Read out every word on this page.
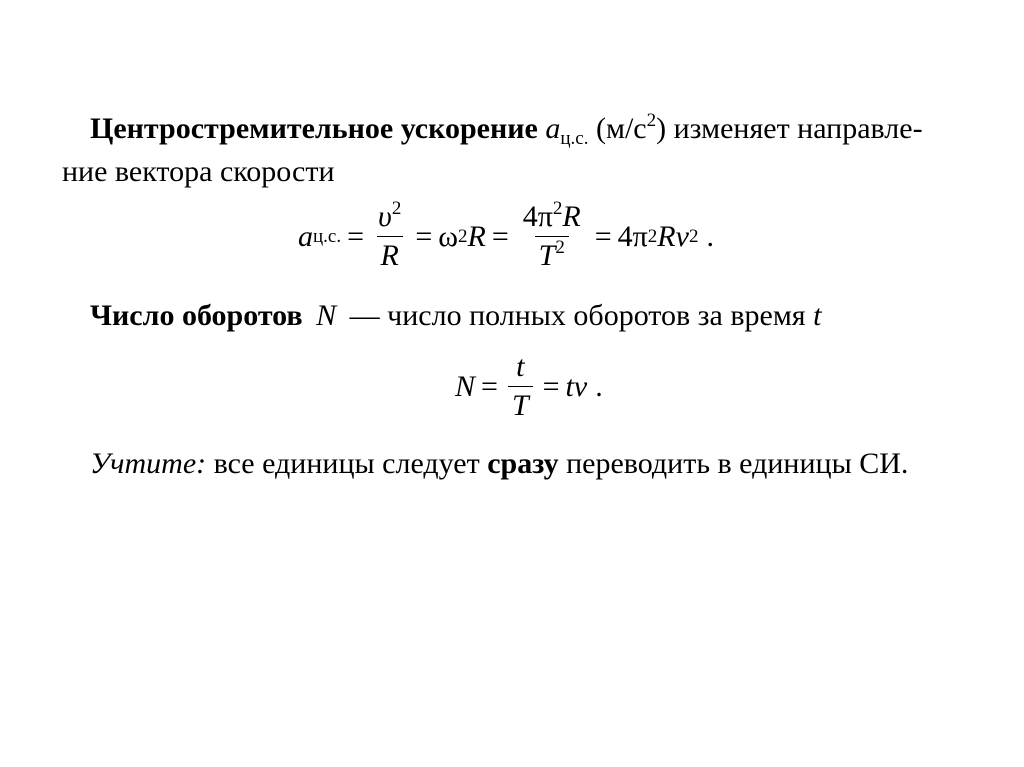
Центростремительное ускорение $a_{ц.с.}$ $(м/с^2)$ изменяет направле-
ние вектора скорости
a ц.с. = $\frac{\upsilon^2}{R} = \omega$ 2 $R = \frac{4\pi^2R}{T^2} = 4\pi$ 2 Rv 2 .
Число оборотов N — число полных оборотов за время t
$N = \frac{t}{T}$ = tv .
Учтите: все единицы следует сразу переводить в единицы СИ.
